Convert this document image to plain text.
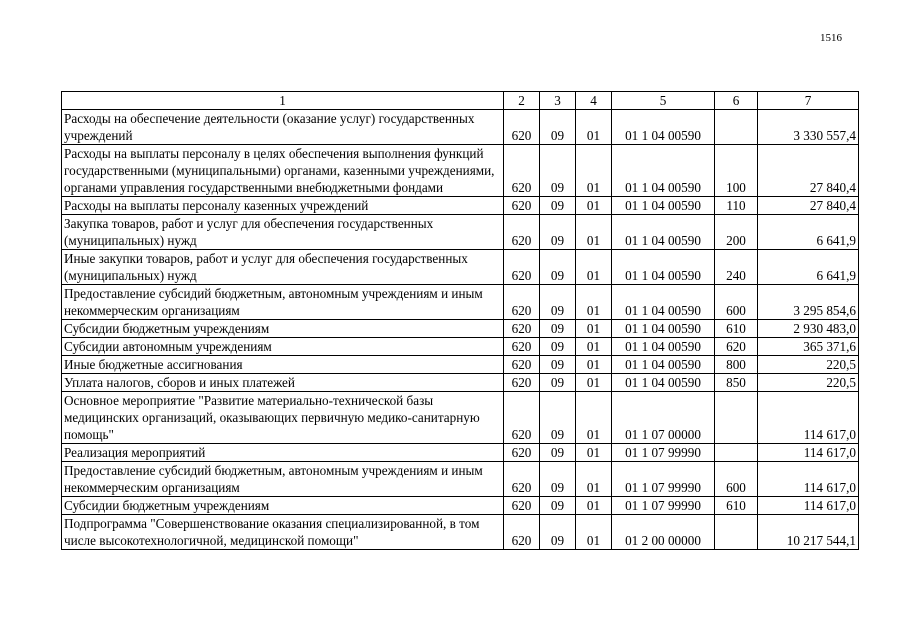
1516
1	2	3	4	5	6	7
Расходы на обеспечение деятельности (оказание услуг) государственных учреждений	620	09	01	01 1 04 00590		3 330 557,4
Расходы на выплаты персоналу в целях обеспечения выполнения функций государственными (муниципальными) органами, казенными учреждениями, органами управления государственными внебюджетными фондами	620	09	01	01 1 04 00590	100	27 840,4
Расходы на выплаты персоналу казенных учреждений	620	09	01	01 1 04 00590	110	27 840,4
Закупка товаров, работ и услуг для обеспечения государственных (муниципальных) нужд	620	09	01	01 1 04 00590	200	6 641,9
Иные закупки товаров, работ и услуг для обеспечения государственных (муниципальных) нужд	620	09	01	01 1 04 00590	240	6 641,9
Предоставление субсидий бюджетным, автономным учреждениям и иным некоммерческим организациям	620	09	01	01 1 04 00590	600	3 295 854,6
Субсидии бюджетным учреждениям	620	09	01	01 1 04 00590	610	2 930 483,0
Субсидии автономным учреждениям	620	09	01	01 1 04 00590	620	365 371,6
Иные бюджетные ассигнования	620	09	01	01 1 04 00590	800	220,5
Уплата налогов, сборов и иных платежей	620	09	01	01 1 04 00590	850	220,5
Основное мероприятие "Развитие материально-технической базы медицинских организаций, оказывающих первичную медико-санитарную помощь"	620	09	01	01 1 07 00000		114 617,0
Реализация мероприятий	620	09	01	01 1 07 99990		114 617,0
Предоставление субсидий бюджетным, автономным учреждениям и иным некоммерческим организациям	620	09	01	01 1 07 99990	600	114 617,0
Субсидии бюджетным учреждениям	620	09	01	01 1 07 99990	610	114 617,0
Подпрограмма "Совершенствование оказания специализированной, в том числе высокотехнологичной, медицинской помощи"	620	09	01	01 2 00 00000		10 217 544,1
